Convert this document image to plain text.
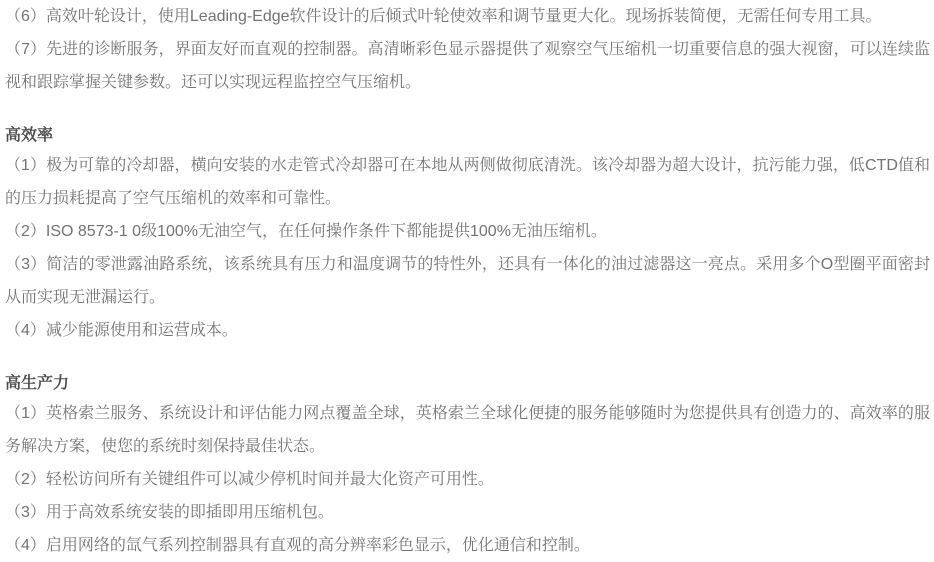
（6）高效叶轮设计，使用Leading-Edge软件设计的后倾式叶轮使效率和调节量更大化。现场拆装简便，无需任何专用工具。

（7）先进的诊断服务，界面友好而直观的控制器。高清晰彩色显示器提供了观察空气压缩机一切重要信息的强大视窗，可以连续监视和跟踪掌握关键参数。还可以实现远程监控空气压缩机。

高效率

（1）极为可靠的冷却器，横向安装的水走管式冷却器可在本地从两侧做彻底清洗。该冷却器为超大设计，抗污能力强，低CTD值和的压力损耗提高了空气压缩机的效率和可靠性。

（2）ISO 8573-1 0级100%无油空气，在任何操作条件下都能提供100%无油压缩机。

（3）简洁的零泄露油路系统，该系统具有压力和温度调节的特性外，还具有一体化的油过滤器这一亮点。采用多个O型圈平面密封从而实现无泄漏运行。

（4）减少能源使用和运营成本。

高生产力

（1）英格索兰服务、系统设计和评估能力网点覆盖全球，英格索兰全球化便捷的服务能够随时为您提供具有创造力的、高效率的服务解决方案，使您的系统时刻保持最佳状态。

（2）轻松访问所有关键组件可以减少停机时间并最大化资产可用性。

（3）用于高效系统安装的即插即用压缩机包。

（4）启用网络的氙气系列控制器具有直观的高分辨率彩色显示，优化通信和控制。
